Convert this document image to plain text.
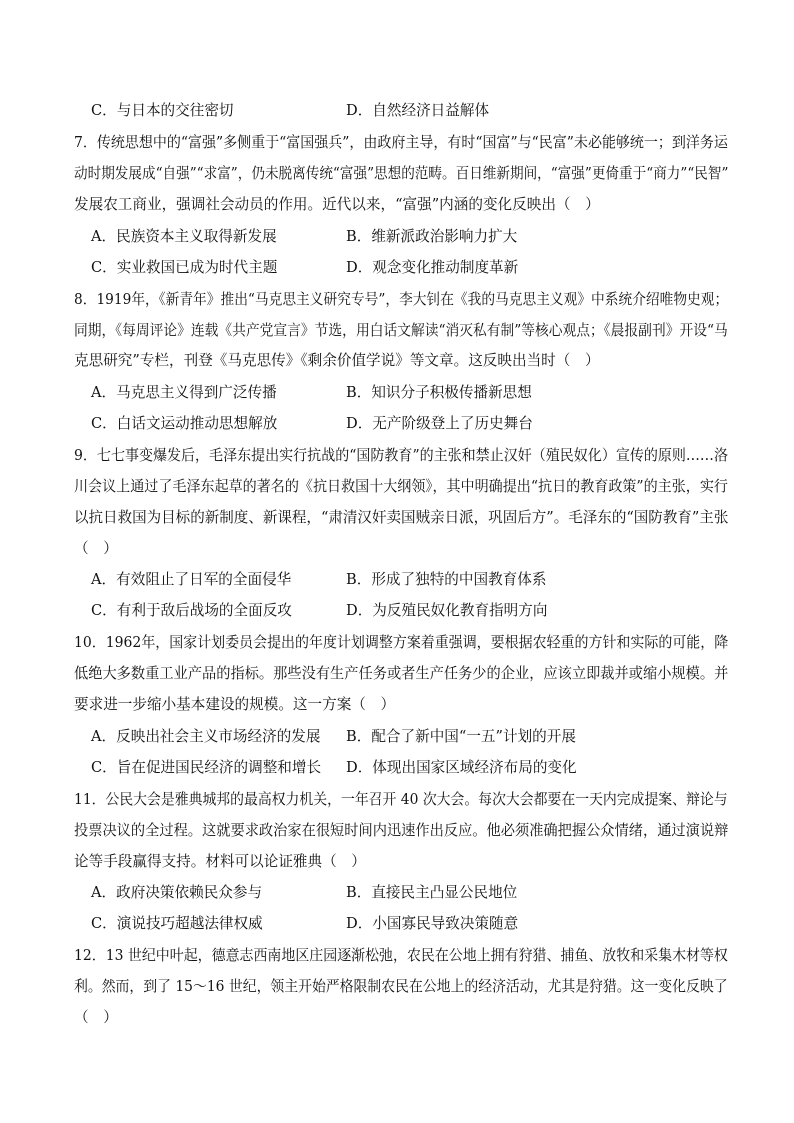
C．与日本的交往密切	D．自然经济日益解体
7．传统思想中的“富强”多侧重于“富国强兵”，由政府主导，有时“国富”与“民富”未必能够统一；到洋务运
动时期发展成“自强”“求富”，仍未脱离传统“富强”思想的范畴。百日维新期间，“富强”更倚重于“商力”“民智”
发展农工商业，强调社会动员的作用。近代以来，“富强”内涵的变化反映出（　）
A．民族资本主义取得新发展	B．维新派政治影响力扩大
C．实业救国已成为时代主题	D．观念变化推动制度革新
8．1919年，《新青年》推出“马克思主义研究专号”，李大钊在《我的马克思主义观》中系统介绍唯物史观；
同期，《每周评论》连载《共产党宣言》节选，用白话文解读“消灭私有制”等核心观点；《晨报副刊》开设“马
克思研究”专栏，刊登《马克思传》《剩余价值学说》等文章。这反映出当时（　）
A．马克思主义得到广泛传播	B．知识分子积极传播新思想
C．白话文运动推动思想解放	D．无产阶级登上了历史舞台
9．七七事变爆发后，毛泽东提出实行抗战的“国防教育”的主张和禁止汉奸（殖民奴化）宣传的原则……洛
川会议上通过了毛泽东起草的著名的《抗日救国十大纲领》，其中明确提出“抗日的教育政策”的主张，实行
以抗日救国为目标的新制度、新课程，“肃清汉奸卖国贼亲日派，巩固后方”。毛泽东的“国防教育”主张
（　）
A．有效阻止了日军的全面侵华	B．形成了独特的中国教育体系
C．有利于敌后战场的全面反攻	D．为反殖民奴化教育指明方向
10．1962年，国家计划委员会提出的年度计划调整方案着重强调，要根据农轻重的方针和实际的可能，降
低绝大多数重工业产品的指标。那些没有生产任务或者生产任务少的企业，应该立即裁并或缩小规模。并
要求进一步缩小基本建设的规模。这一方案（　）
A．反映出社会主义市场经济的发展 B．配合了新中国“一五”计划的开展
C．旨在促进国民经济的调整和增长 D．体现出国家区域经济布局的变化
11．公民大会是雅典城邦的最高权力机关，一年召开 40 次大会。每次大会都要在一天内完成提案、辩论与
投票决议的全过程。这就要求政治家在很短时间内迅速作出反应。他必须准确把握公众情绪，通过演说辩
论等手段赢得支持。材料可以论证雅典（　）
A．政府决策依赖民众参与	B．直接民主凸显公民地位
C．演说技巧超越法律权威	D．小国寡民导致决策随意
12．13 世纪中叶起，德意志西南地区庄园逐渐松弛，农民在公地上拥有狩猎、捕鱼、放牧和采集木材等权
利。然而，到了 15～16 世纪，领主开始严格限制农民在公地上的经济活动，尤其是狩猎。这一变化反映了
（　）
